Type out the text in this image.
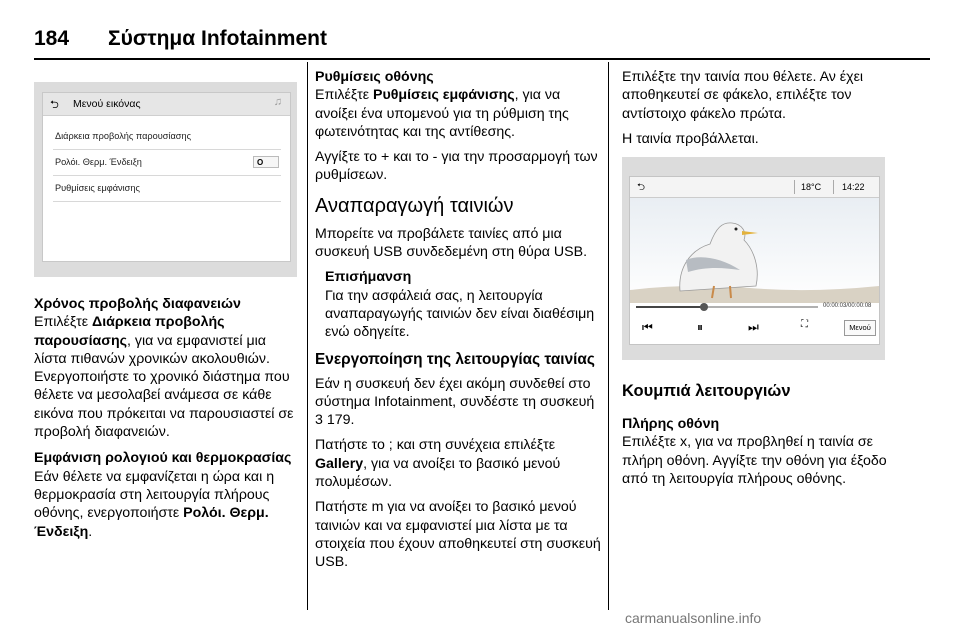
184 Σύστημα Infotainment
⮌ Μενού εικόνας	♫
Διάρκεια προβολής παρουσίασης
Ρολόι. Θερμ. Ένδειξη	O
Ρυθμίσεις εμφάνισης

Χρόνος προβολής διαφανειών

Επιλέξτε Διάρκεια προβολής παρουσίασης, για να εμφανιστεί μια λίστα πιθανών χρονικών ακολουθιών. Ενεργοποιήστε το χρονικό διάστημα που θέλετε να μεσολαβεί ανάμεσα σε κάθε εικόνα που πρόκειται να παρουσιαστεί σε προβολή διαφανειών.

Εμφάνιση ρολογιού και θερμοκρασίας

Εάν θέλετε να εμφανίζεται η ώρα και η θερμοκρασία στη λειτουργία πλήρους οθόνης, ενεργοποιήστε Ρολόι. Θερμ. Ένδειξη.

Ρυθμίσεις οθόνης

Επιλέξτε Ρυθμίσεις εμφάνισης, για να ανοίξει ένα υπομενού για τη ρύθμιση της φωτεινότητας και της αντίθεσης.

Αγγίξτε το + και το - για την προσαρμογή των ρυθμίσεων.

Αναπαραγωγή ταινιών

Μπορείτε να προβάλετε ταινίες από μια συσκευή USB συνδεδεμένη στη θύρα USB.

Επισήμανση

Για την ασφάλειά σας, η λειτουργία αναπαραγωγής ταινιών δεν είναι διαθέσιμη ενώ οδηγείτε.

Ενεργοποίηση της λειτουργίας ταινίας

Εάν η συσκευή δεν έχει ακόμη συνδεθεί στο σύστημα Infotainment, συνδέστε τη συσκευή 3 179.

Πατήστε το ; και στη συνέχεια επιλέξτε Gallery, για να ανοίξει το βασικό μενού πολυμέσων.

Πατήστε m για να ανοίξει το βασικό μενού ταινιών και να εμφανιστεί μια λίστα με τα στοιχεία που έχουν αποθηκευτεί στη συσκευή USB.

Επιλέξτε την ταινία που θέλετε. Αν έχει αποθηκευτεί σε φάκελο, επιλέξτε τον αντίστοιχο φάκελο πρώτα.

Η ταινία προβάλλεται.

⮌	18°C 14:22
00:00:03/00:00:08
⏮	⏸	⏭	⛶	Μενού

Κουμπιά λειτουργιών

Πλήρης οθόνη

Επιλέξτε x, για να προβληθεί η ταινία σε πλήρη οθόνη. Αγγίξτε την οθόνη για έξοδο από τη λειτουργία πλήρους οθόνης.

carmanualsonline.info
